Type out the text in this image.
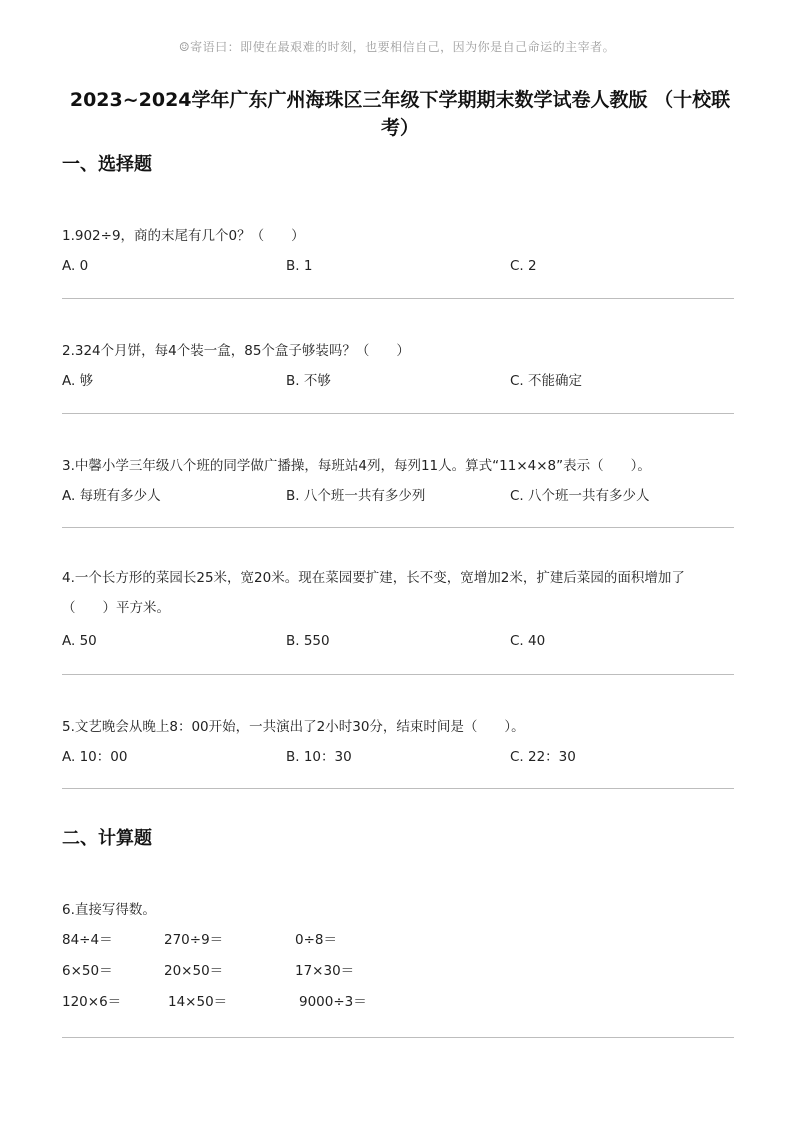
☺寄语曰：即使在最艰难的时刻，也要相信自己，因为你是自己命运的主宰者。
2023~2024学年广东广州海珠区三年级下学期期末数学试卷人教版 （十校联
考）
一、选择题
1.902÷9，商的末尾有几个0？（　　）
A. 0	B. 1	C. 2
2.324个月饼，每4个装一盒，85个盒子够装吗？（　　）
A. 够	B. 不够	C. 不能确定
3.中馨小学三年级八个班的同学做广播操，每班站4列，每列11人。算式“11×4×8”表示（　　）。
A. 每班有多少人	B. 八个班一共有多少列	C. 八个班一共有多少人
4.一个长方形的菜园长25米，宽20米。现在菜园要扩建，长不变，宽增加2米，扩建后菜园的面积增加了
（　　）平方米。
A. 50	B. 550	C. 40
5.文艺晚会从晚上8：00开始，一共演出了2小时30分，结束时间是（　　）。
A. 10：00	B. 10：30	C. 22：30
二、计算题
6.直接写得数。
84÷4＝	270÷9＝	0÷8＝
6×50＝	20×50＝	17×30＝
120×6＝	14×50＝	9000÷3＝
